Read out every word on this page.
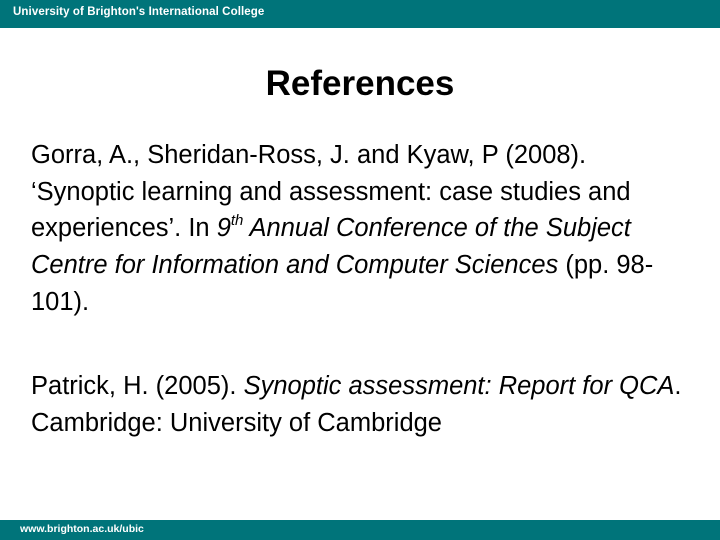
University of Brighton's International College
References

Gorra, A., Sheridan-Ross, J. and Kyaw, P (2008).
‘Synoptic learning and assessment: case studies and experiences’. In 9th Annual Conference of the Subject Centre for Information and Computer Sciences (pp. 98-101).

Patrick, H. (2005). Synoptic assessment: Report for QCA. Cambridge: University of Cambridge

www.brighton.ac.uk/ubic
